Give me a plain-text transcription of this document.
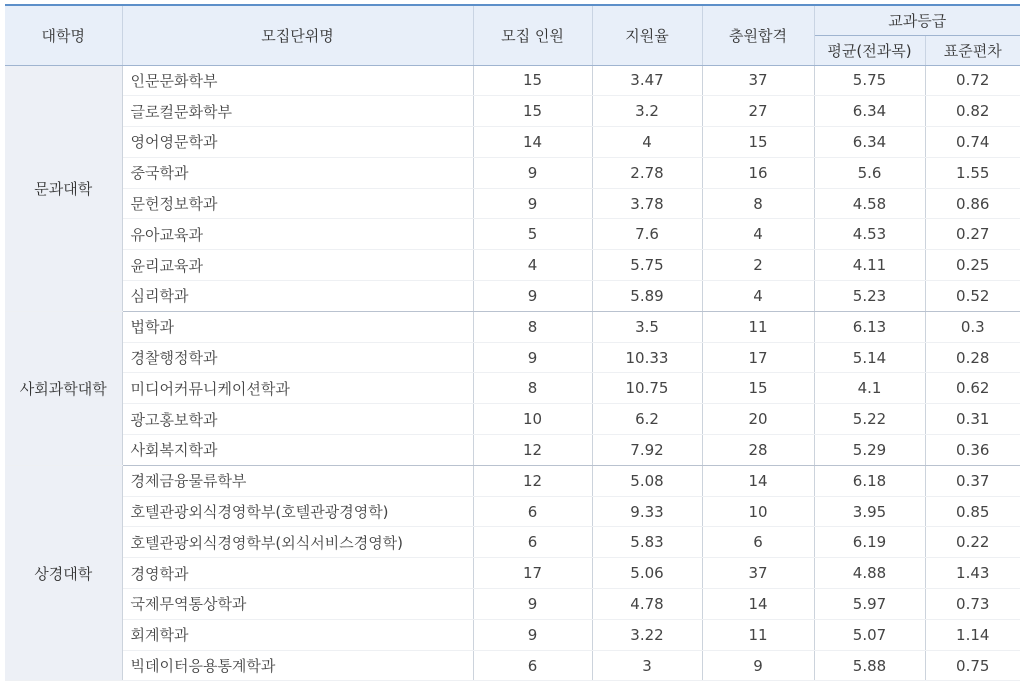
대학명	모집단위명	모집 인원	지원율	충원합격	교과등급	
					평균(전과목)	표준편차
문과대학	인문문화학부	15	3.47	37	5.75	0.72
	글로컬문화학부	15	3.2	27	6.34	0.82
	영어영문학과	14	4	15	6.34	0.74
	중국학과	9	2.78	16	5.6	1.55
	문헌정보학과	9	3.78	8	4.58	0.86
	유아교육과	5	7.6	4	4.53	0.27
	윤리교육과	4	5.75	2	4.11	0.25
	심리학과	9	5.89	4	5.23	0.52
사회과학대학	법학과	8	3.5	11	6.13	0.3
	경찰행정학과	9	10.33	17	5.14	0.28
	미디어커뮤니케이션학과	8	10.75	15	4.1	0.62
	광고홍보학과	10	6.2	20	5.22	0.31
	사회복지학과	12	7.92	28	5.29	0.36
상경대학	경제금융물류학부	12	5.08	14	6.18	0.37
	호텔관광외식경영학부(호텔관광경영학)	6	9.33	10	3.95	0.85
	호텔관광외식경영학부(외식서비스경영학)	6	5.83	6	6.19	0.22
	경영학과	17	5.06	37	4.88	1.43
	국제무역통상학과	9	4.78	14	5.97	0.73
	회계학과	9	3.22	11	5.07	1.14
	빅데이터응용통계학과	6	3	9	5.88	0.75
